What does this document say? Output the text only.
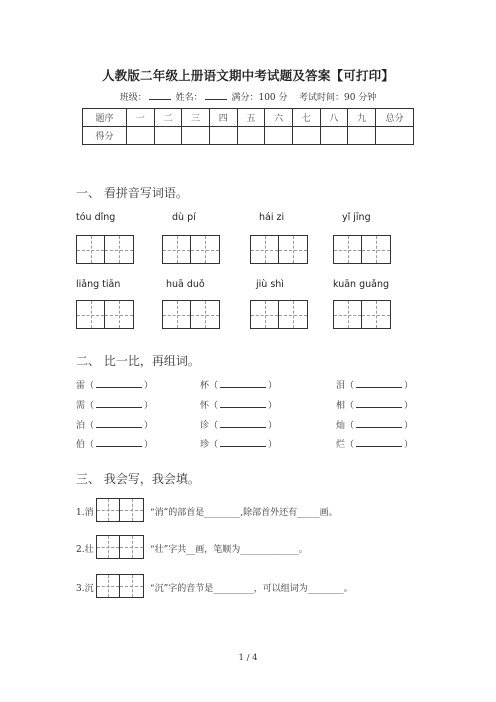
人教版二年级上册语文期中考试题及答案【可打印】
班级：	姓名：	满分：100 分 考试时间：90 分钟
题序	一	二	三	四	五	六	七	八	九	总分
得分										
一、 看拼音写词语。
tóu dǐng	dù pí	hái zi	yǐ jīng
liǎng tiān	huā duǒ	jiù shì	kuān guǎng
二、 比一比，再组词。
雷（	）	杯（	）	泪（	）
需（	）	怀（	）	相（	）
泊（	）	诊（	）	灿（	）
伯（	）	珍（	）	烂（	）
三、 我会写，我会填。
1.消	“消”的部首是________,除部首外还有_____画。
2.壮	“壮”字共__画，笔顺为_____________。
3.沉	“沉”字的音节是_________，可以组词为________。
1 / 4
